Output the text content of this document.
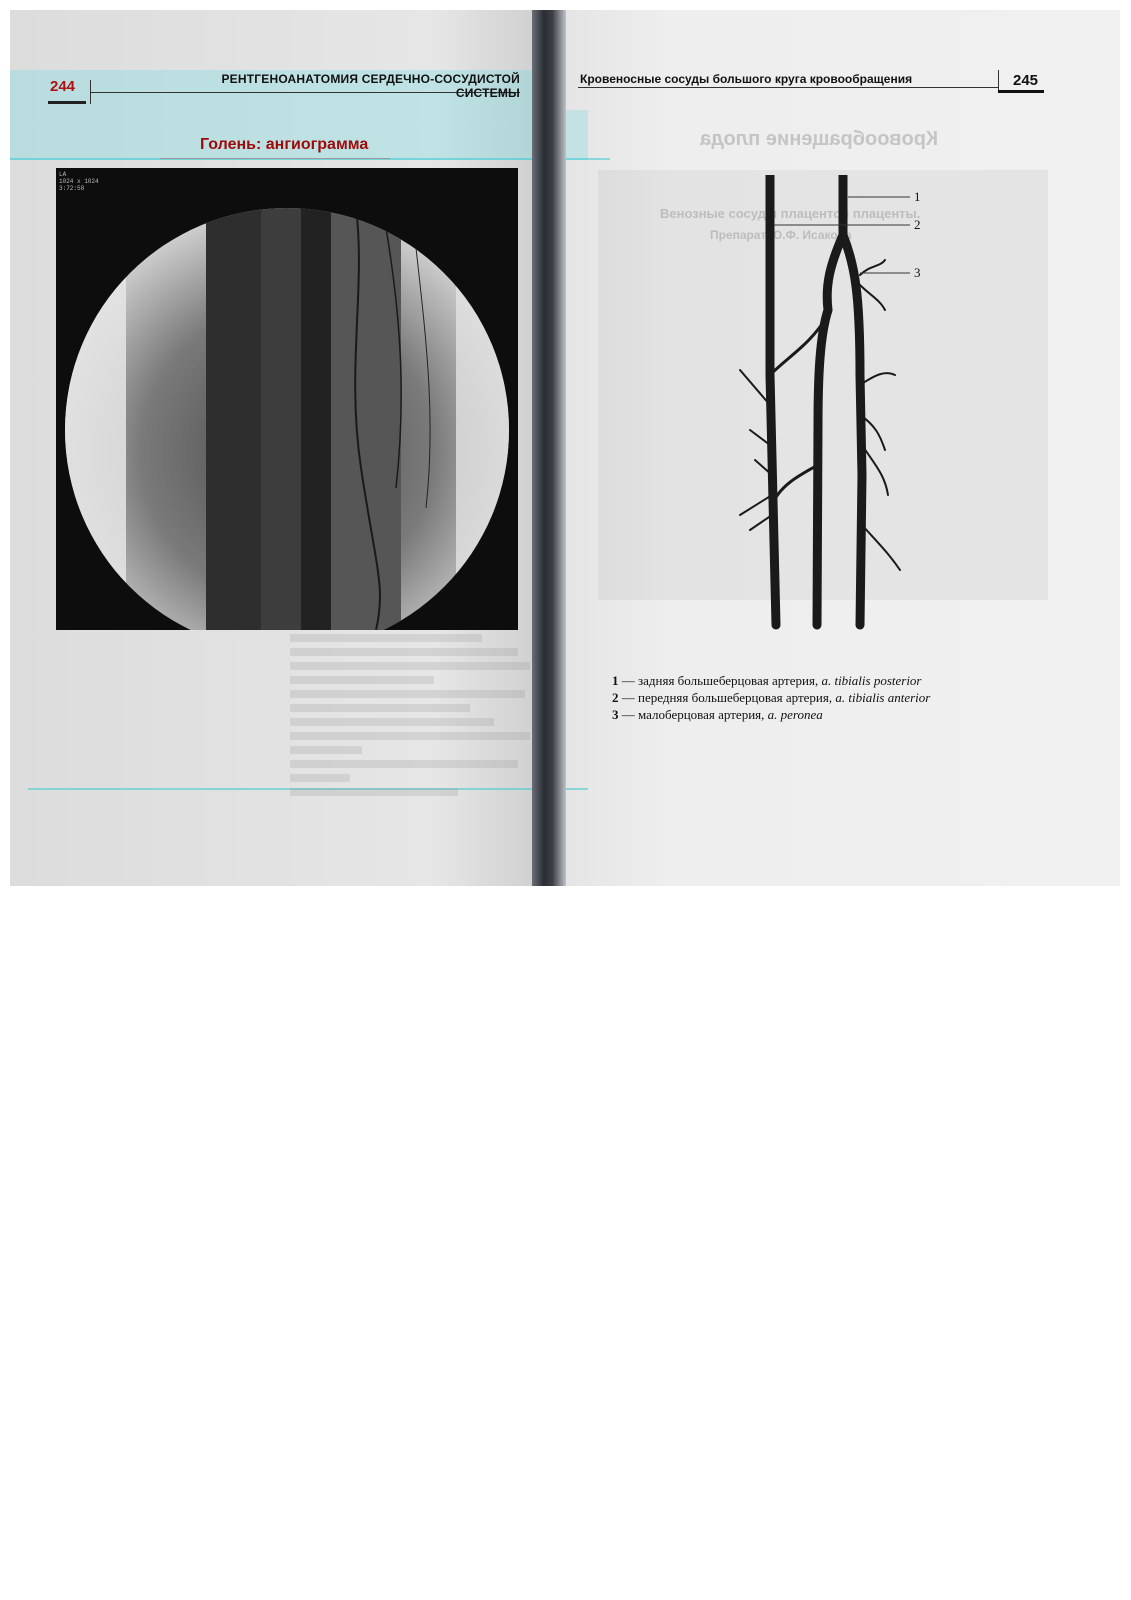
244	РЕНТГЕНОАНАТОМИЯ СЕРДЕЧНО-СОСУДИСТОЙ СИСТЕМЫ
Голень: ангиограмма
LA
1024 x 1024
3:72:58
Кровеносные сосуды большого круга кровообращения	245
Кровообращение плода
Венозные сосуды плацентой плаценты.
Препарат Ю.Ф. Исакова
1
2
3
1 — задняя большеберцовая артерия, a. tibialis posterior
2 — передняя большеберцовая артерия, a. tibialis anterior
3 — малоберцовая артерия, a. peronea
